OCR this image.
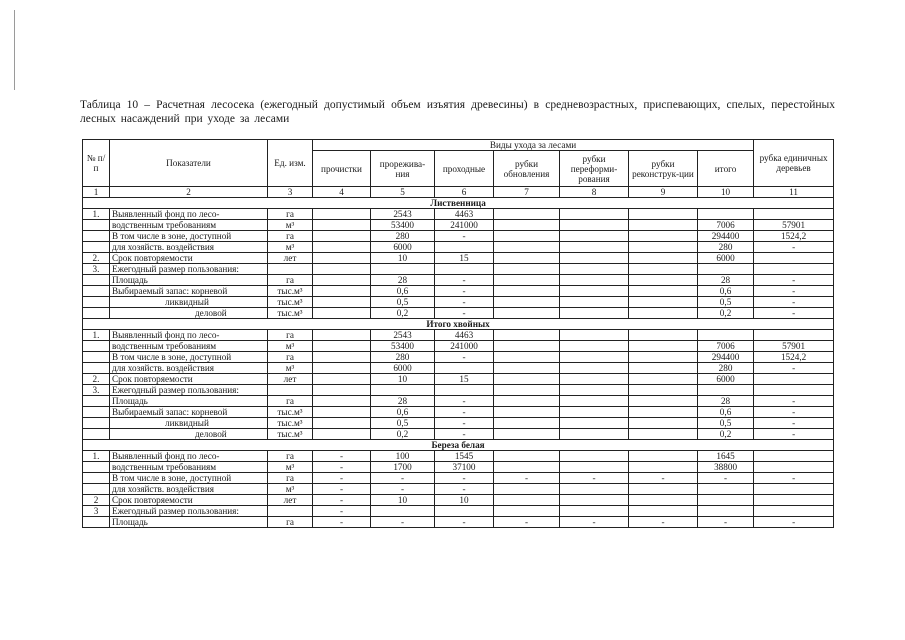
Таблица 10 – Расчетная лесосека (ежегодный допустимый объем изъятия древесины) в средневозрастных, приспевающих, спелых, перестойных лесных насаждений при уходе за лесами
№ п/п	Показатели	Ед. изм.	Виды ухода за лесами							рубка единичных деревьев
			прочистки	прорежива-ния	проходные	рубки обновления	рубки переформи-рования	рубки реконструк-ции	итого	
1	2	3	4	5	6	7	8	9	10	11
Лиственница										
1.	Выявленный фонд по лесо-	га		2543	4463					
	водственным требованиям	м³		53400	241000				7006	57901
	В том числе в зоне, доступной	га		280	-				294400	1524,2
	для хозяйств. воздействия	м³		6000					280	-
2.	Срок повторяемости	лет		10	15				6000	
3.	Ежегодный размер пользования:									
	Площадь	га		28	-				28	-
	Выбираемый запас: корневой	тыс.м³		0,6	-				0,6	-
	ликвидный	тыс.м³		0,5	-				0,5	-
	деловой	тыс.м³		0,2	-				0,2	-
Итого хвойных										
1.	Выявленный фонд по лесо-	га		2543	4463					
	водственным требованиям	м³		53400	241000				7006	57901
	В том числе в зоне, доступной	га		280	-				294400	1524,2
	для хозяйств. воздействия	м³		6000					280	-
2.	Срок повторяемости	лет		10	15				6000	
3.	Ежегодный размер пользования:									
	Площадь	га		28	-				28	-
	Выбираемый запас: корневой	тыс.м³		0,6	-				0,6	-
	ликвидный	тыс.м³		0,5	-				0,5	-
	деловой	тыс.м³		0,2	-				0,2	-
Береза белая										
1.	Выявленный фонд по лесо-	га	-	100	1545				1645	
	водственным требованиям	м³	-	1700	37100				38800	
	В том числе в зоне, доступной	га	-	-	-	-	-	-	-	-
	для хозяйств. воздействия	м³	-	-	-					
2	Срок повторяемости	лет	-	10	10					
3	Ежегодный размер пользования:		-							
	Площадь	га	-	-	-	-	-	-	-	-
